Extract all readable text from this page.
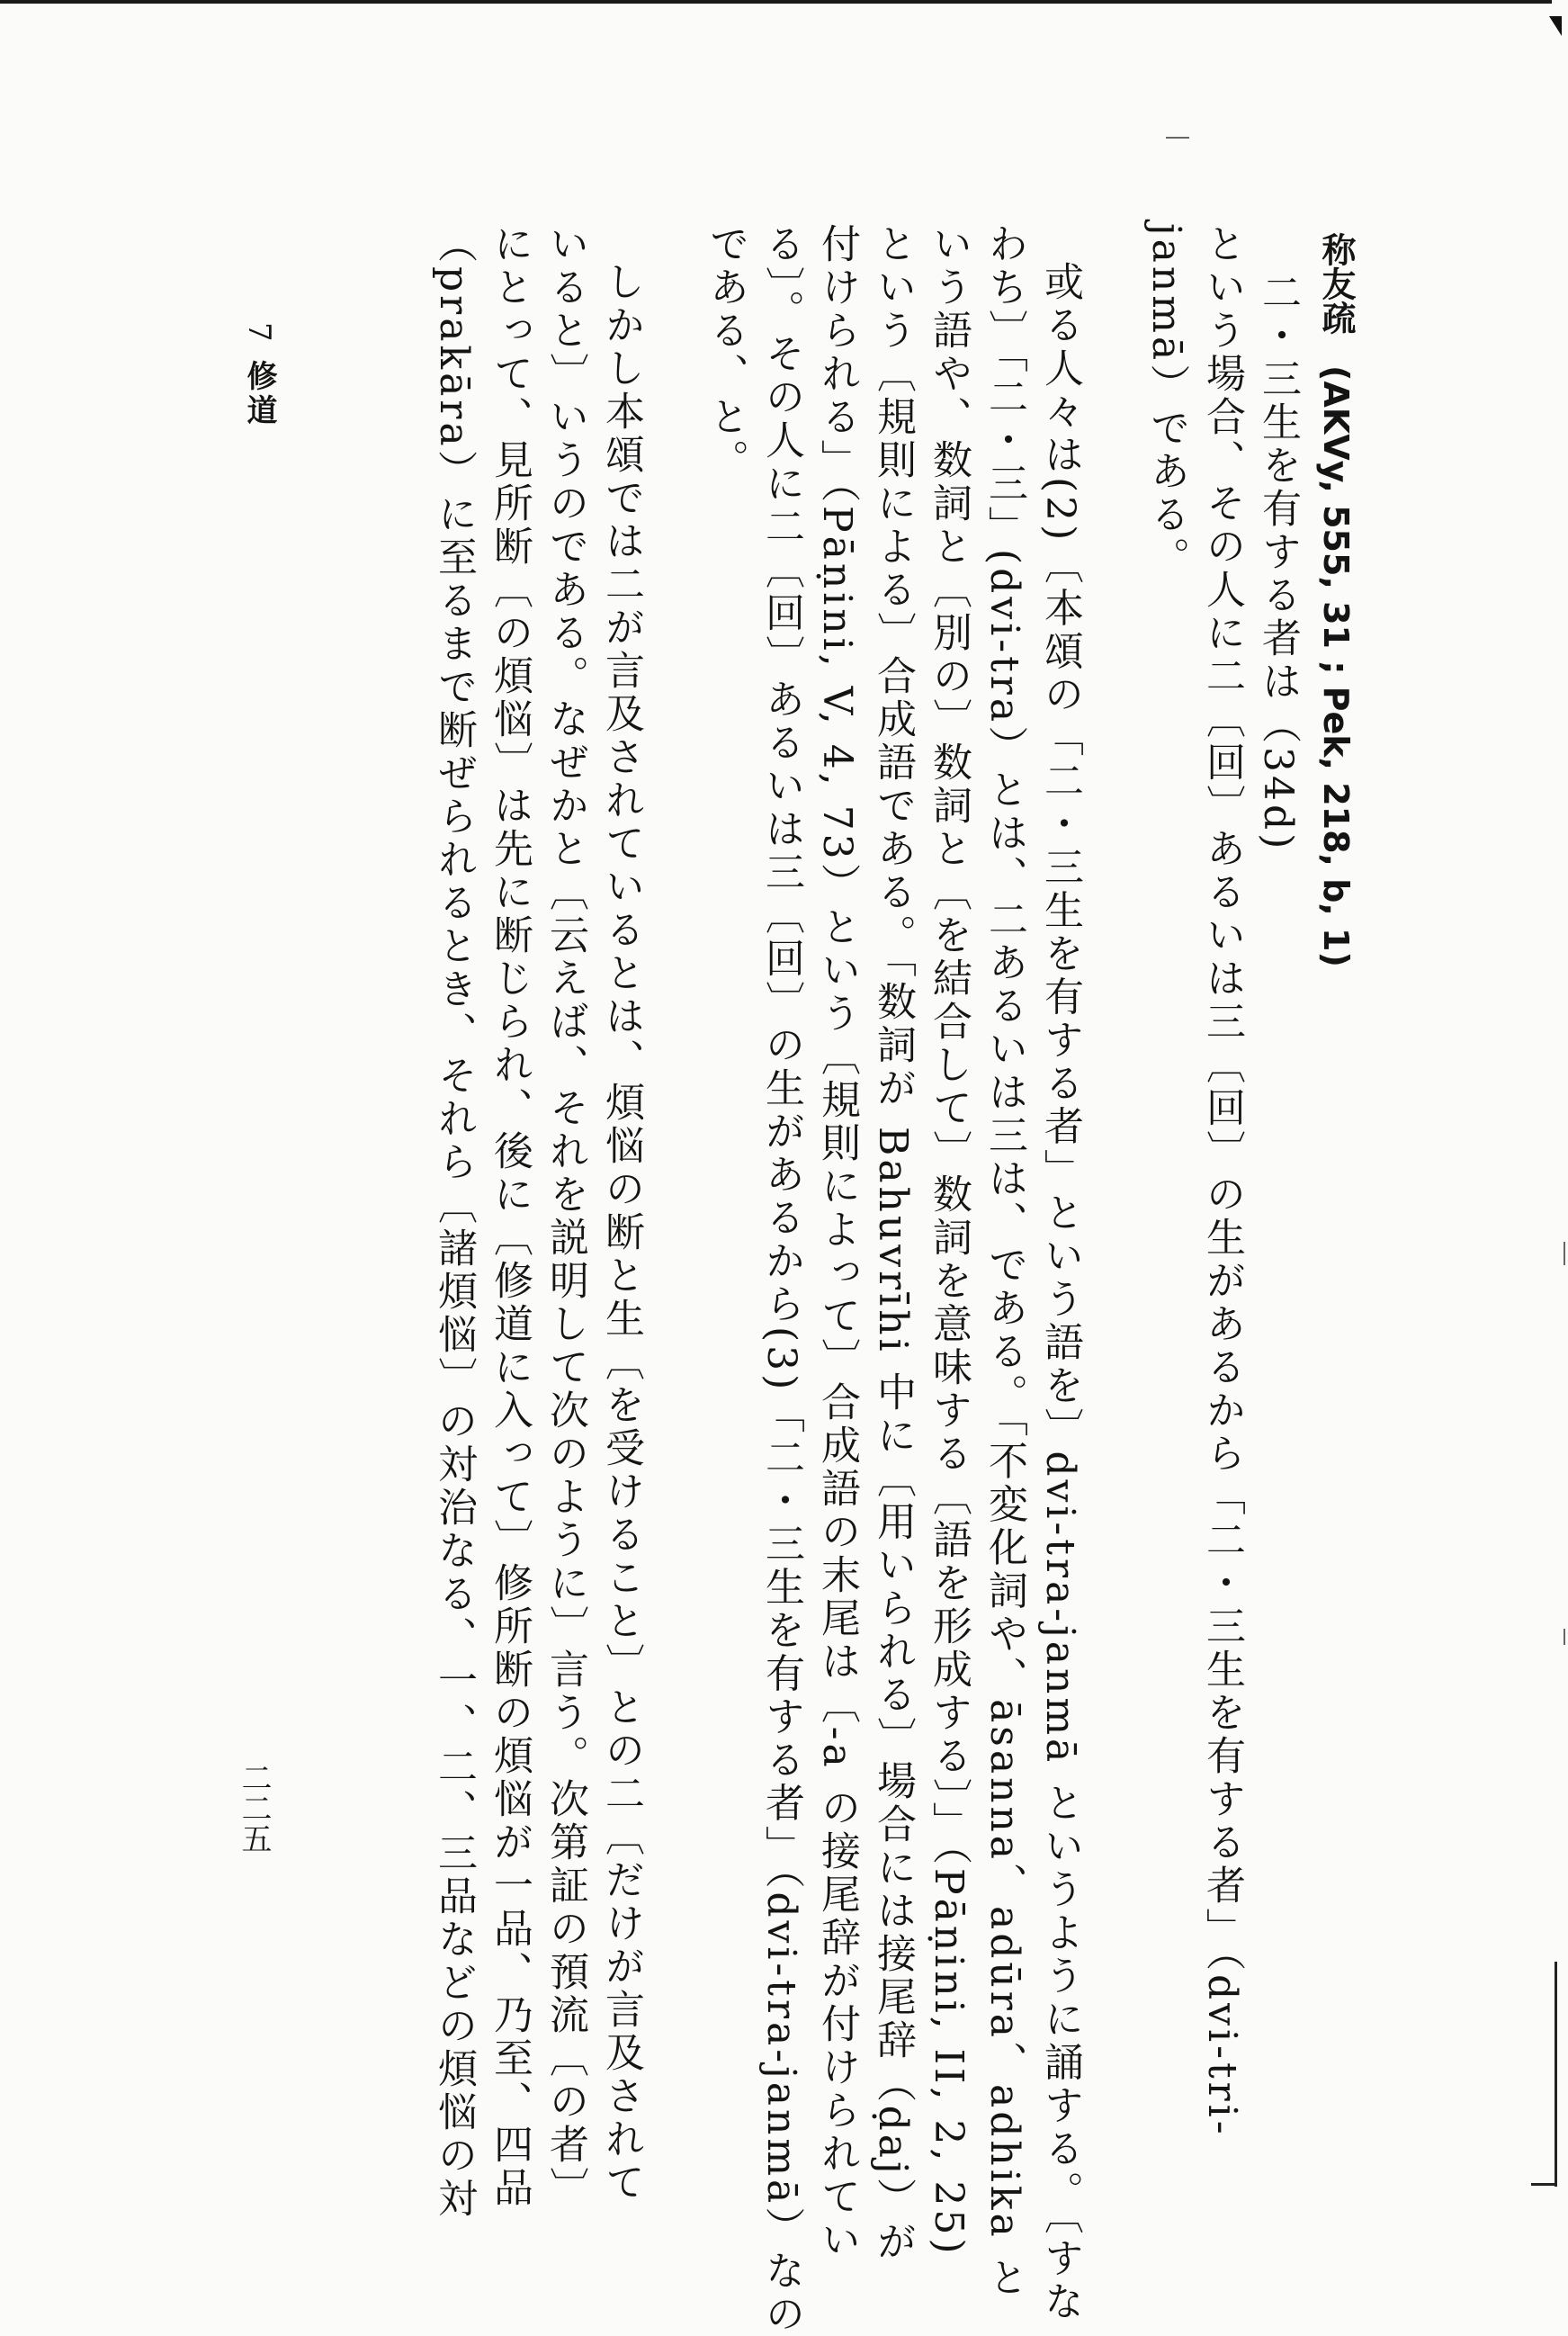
称友疏(AKVy, 555, 31 ; Pek, 218, b, 1)
二・三生を有する者は（34d)
という場合、その人に二〔回〕あるいは三〔回〕の生があるから「二・三生を有する者」（dvi-tri-
janmā）である。
或る人々は(2)〔本頌の「二・三生を有する者」という語を〕dvi-tra-janmā というように誦する。〔すな
わち〕「二・三」(dvi-tra）とは、二あるいは三は、である。「不変化詞や、āsanna、adūra、adhika と
いう語や、数詞と〔別の〕数詞と〔を結合して〕数詞を意味する〔語を形成する〕」（Pāṇini, II, 2, 25)
という〔規則による〕合成語である。「数詞が Bahuvrīhi 中に〔用いられる〕場合には接尾辞（ḍaj）が
付けられる」（Pāṇini, V, 4, 73）という〔規則によって〕合成語の末尾は〔-a の接尾辞が付けられてい
る〕。その人に二〔回〕あるいは三〔回〕の生があるから(3)「二・三生を有する者」（dvi-tra-janmā）なの
である、と。
しかし本頌では二が言及されているとは、煩悩の断と生〔を受けること〕との二〔だけが言及されて
いると〕いうのである。なぜかと〔云えば、それを説明して次のように〕言う。次第証の預流〔の者〕
にとって、見所断〔の煩悩〕は先に断じられ、後に〔修道に入って〕修所断の煩悩が一品、乃至、四品
（prakāra）に至るまで断ぜられるとき、それら〔諸煩悩〕の対治なる、一、二、三品などの煩悩の対
7
修道
二二五
